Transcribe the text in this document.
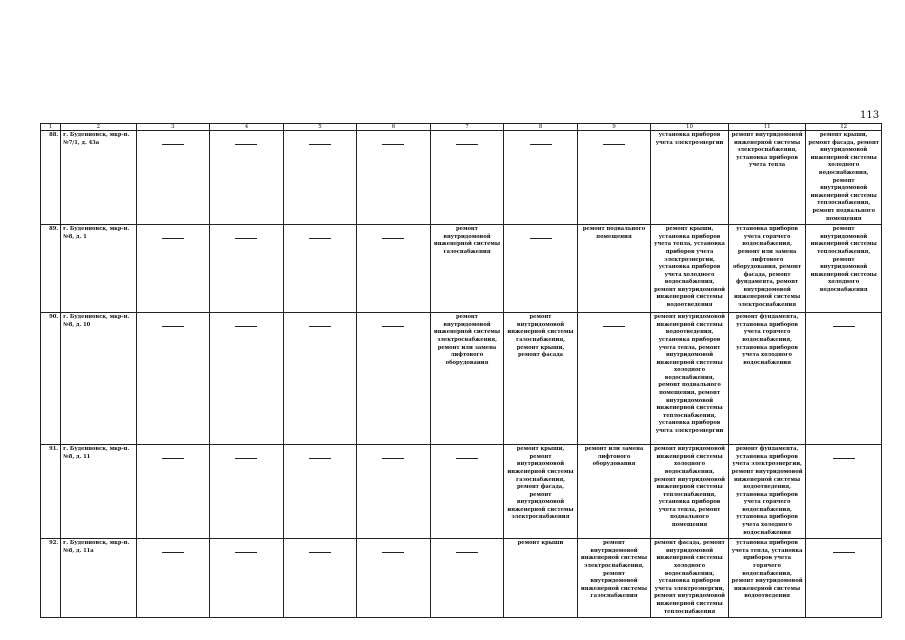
113
1	2	3	4	5	6	7	8	9	10	11	12
88.	г. Буденновск, мкр-н. №7/1, д. 43а								установка приборов учета электроэнергии	ремонт внутридомовой инженерной системы электроснабжения, установка приборов учета тепла	ремонт крыши, ремонт фасада, ремонт внутридомовой инженерной системы холодного водоснабжения, ремонт внутридомовой инженерной системы теплоснабжения, ремонт подвального помещения
89.	г. Буденновск, мкр-н. №8, д. 1					ремонт внутридомовой инженерной системы газоснабжения		ремонт подвального помещения	ремонт крыши, установка приборов учета тепла, установка приборов учета электроэнергии, установка приборов учета холодного водоснабжения, ремонт внутридомовой инженерной системы водоотведения	установка приборов учета горячего водоснабжения, ремонт или замена лифтового оборудования, ремонт фасада, ремонт фундамента, ремонт внутридомовой инженерной системы электроснабжения	ремонт внутридомовой инженерной системы теплоснабжения, ремонт внутридомовой инженерной системы холодного водоснабжения
90.	г. Буденновск, мкр-н. №8, д. 10					ремонт внутридомовой инженерной системы электроснабжения, ремонт или замена лифтового оборудования	ремонт внутридомовой инженерной системы газоснабжения, ремонт крыши, ремонт фасада		ремонт внутридомовой инженерной системы водоотведения, установка приборов учета тепла, ремонт внутридомовой инженерной системы холодного водоснабжения, ремонт подвального помещения, ремонт внутридомовой инженерной системы теплоснабжения, установка приборов учета электроэнергии	ремонт фундамента, установка приборов учета горячего водоснабжения, установка приборов учета холодного водоснабжения	

91.	г. Буденновск, мкр-н. №8, д. 11						ремонт крыши, ремонт внутридомовой инженерной системы газоснабжения, ремонт фасада, ремонт внутридомовой инженерной системы электроснабжения	ремонт или замена лифтового оборудования	ремонт внутридомовой инженерной системы холодного водоснабжения, ремонт внутридомовой инженерной системы теплоснабжения, установка приборов учета тепла, ремонт подвального помещения	ремонт фундамента, установка приборов учета электроэнергии, ремонт внутридомовой инженерной системы водоотведения, установка приборов учета горячего водоснабжения, установка приборов учета холодного водоснабжения	

92.	г. Буденновск, мкр-н. №8, д. 11а						ремонт крыши	ремонт внутридомовой инженерной системы электроснабжения, ремонт внутридомовой инженерной системы газоснабжения	ремонт фасада, ремонт внутридомовой инженерной системы холодного водоснабжения, установка приборов учета электроэнергии, ремонт внутридомовой инженерной системы теплоснабжения	установка приборов учета тепла, установка приборов учета горячего водоснабжения, ремонт внутридомовой инженерной системы водоотведения	
